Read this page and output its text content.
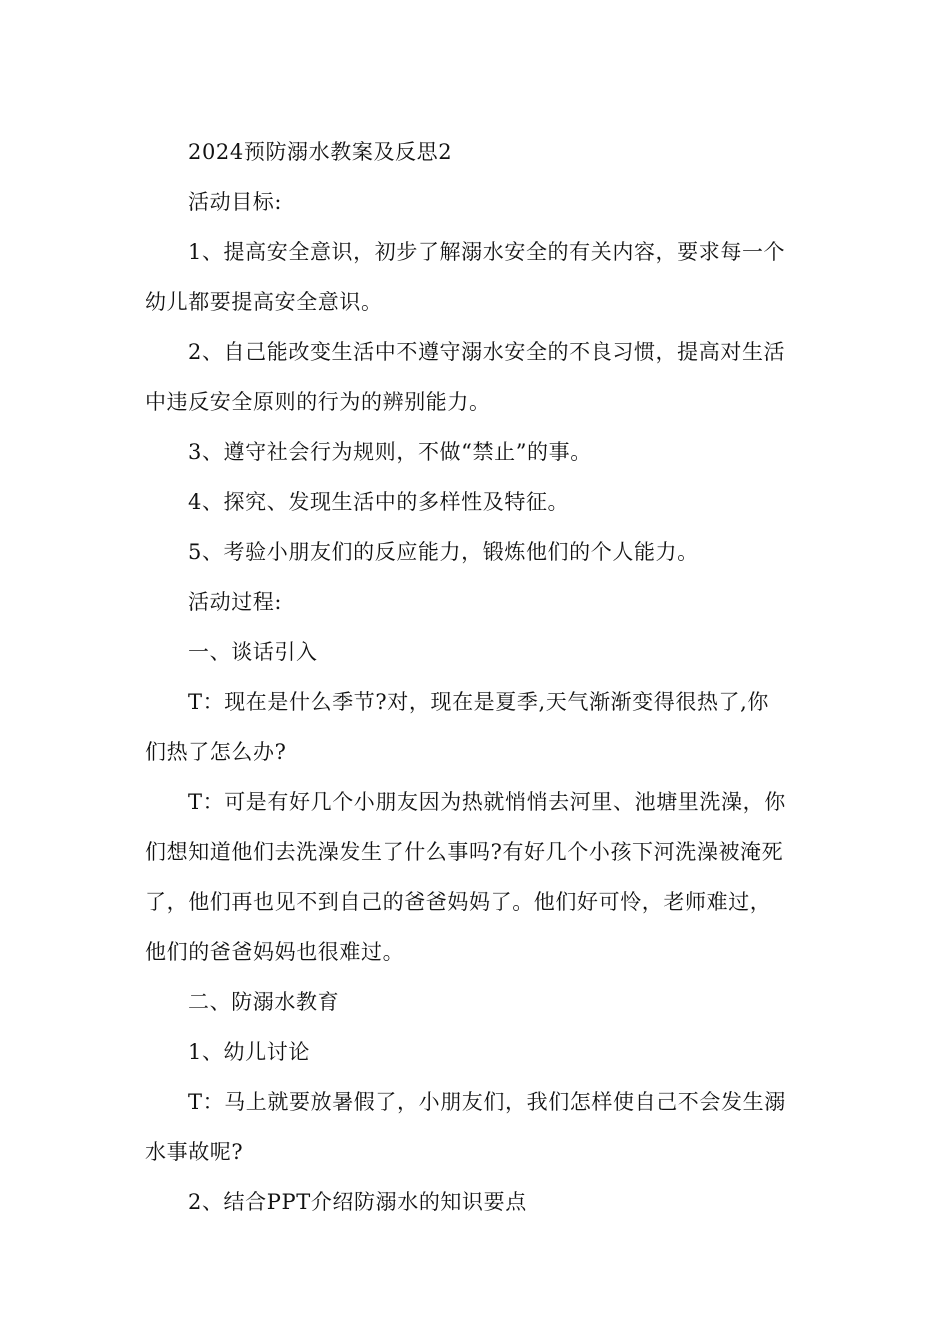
2024预防溺水教案及反思2
活动目标:
1、提高安全意识，初步了解溺水安全的有关内容，要求每一个
幼儿都要提高安全意识。
2、自己能改变生活中不遵守溺水安全的不良习惯，提高对生活
中违反安全原则的行为的辨别能力。
3、遵守社会行为规则，不做“禁止”的事。
4、探究、发现生活中的多样性及特征。
5、考验小朋友们的反应能力，锻炼他们的个人能力。
活动过程:
一、谈话引入
T：现在是什么季节?对，现在是夏季,天气渐渐变得很热了,你
们热了怎么办?
T：可是有好几个小朋友因为热就悄悄去河里、池塘里洗澡，你
们想知道他们去洗澡发生了什么事吗?有好几个小孩下河洗澡被淹死
了，他们再也见不到自己的爸爸妈妈了。他们好可怜，老师难过，
他们的爸爸妈妈也很难过。
二、防溺水教育
1、幼儿讨论
T：马上就要放暑假了，小朋友们，我们怎样使自己不会发生溺
水事故呢?
2、结合PPT介绍防溺水的知识要点
